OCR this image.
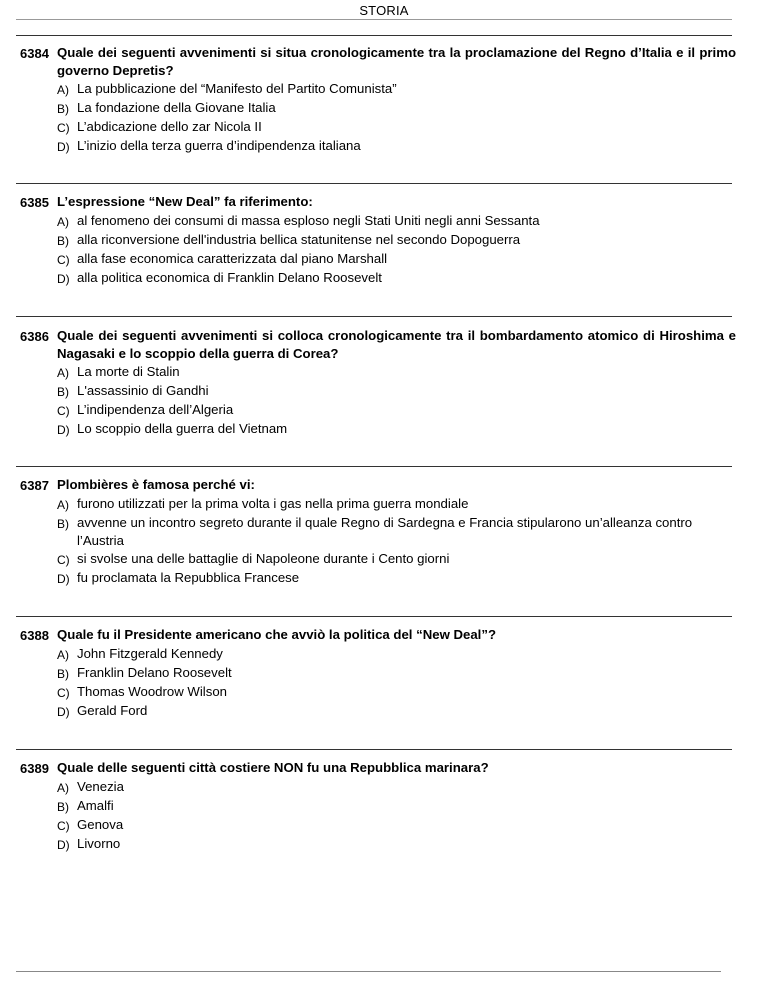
STORIA
6384 Quale dei seguenti avvenimenti si situa cronologicamente tra la proclamazione del Regno d’Italia e il primo governo Depretis?
A) La pubblicazione del “Manifesto del Partito Comunista”
B) La fondazione della Giovane Italia
C) L’abdicazione dello zar Nicola II
D) L’inizio della terza guerra d’indipendenza italiana
6385 L’espressione “New Deal” fa riferimento:
A) al fenomeno dei consumi di massa esploso negli Stati Uniti negli anni Sessanta
B) alla riconversione dell'industria bellica statunitense nel secondo Dopoguerra
C) alla fase economica caratterizzata dal piano Marshall
D) alla politica economica di Franklin Delano Roosevelt
6386 Quale dei seguenti avvenimenti si colloca cronologicamente tra il bombardamento atomico di Hiroshima e Nagasaki e lo scoppio della guerra di Corea?
A) La morte di Stalin
B) L'assassinio di Gandhi
C) L’indipendenza dell’Algeria
D) Lo scoppio della guerra del Vietnam
6387 Plombières è famosa perché vi:
A) furono utilizzati per la prima volta i gas nella prima guerra mondiale
B) avvenne un incontro segreto durante il quale Regno di Sardegna e Francia stipularono un’alleanza contro l’Austria
C) si svolse una delle battaglie di Napoleone durante i Cento giorni
D) fu proclamata la Repubblica Francese
6388 Quale fu il Presidente americano che avviò la politica del “New Deal”?
A) John Fitzgerald Kennedy
B) Franklin Delano Roosevelt
C) Thomas Woodrow Wilson
D) Gerald Ford
6389 Quale delle seguenti città costiere NON fu una Repubblica marinara?
A) Venezia
B) Amalfi
C) Genova
D) Livorno
